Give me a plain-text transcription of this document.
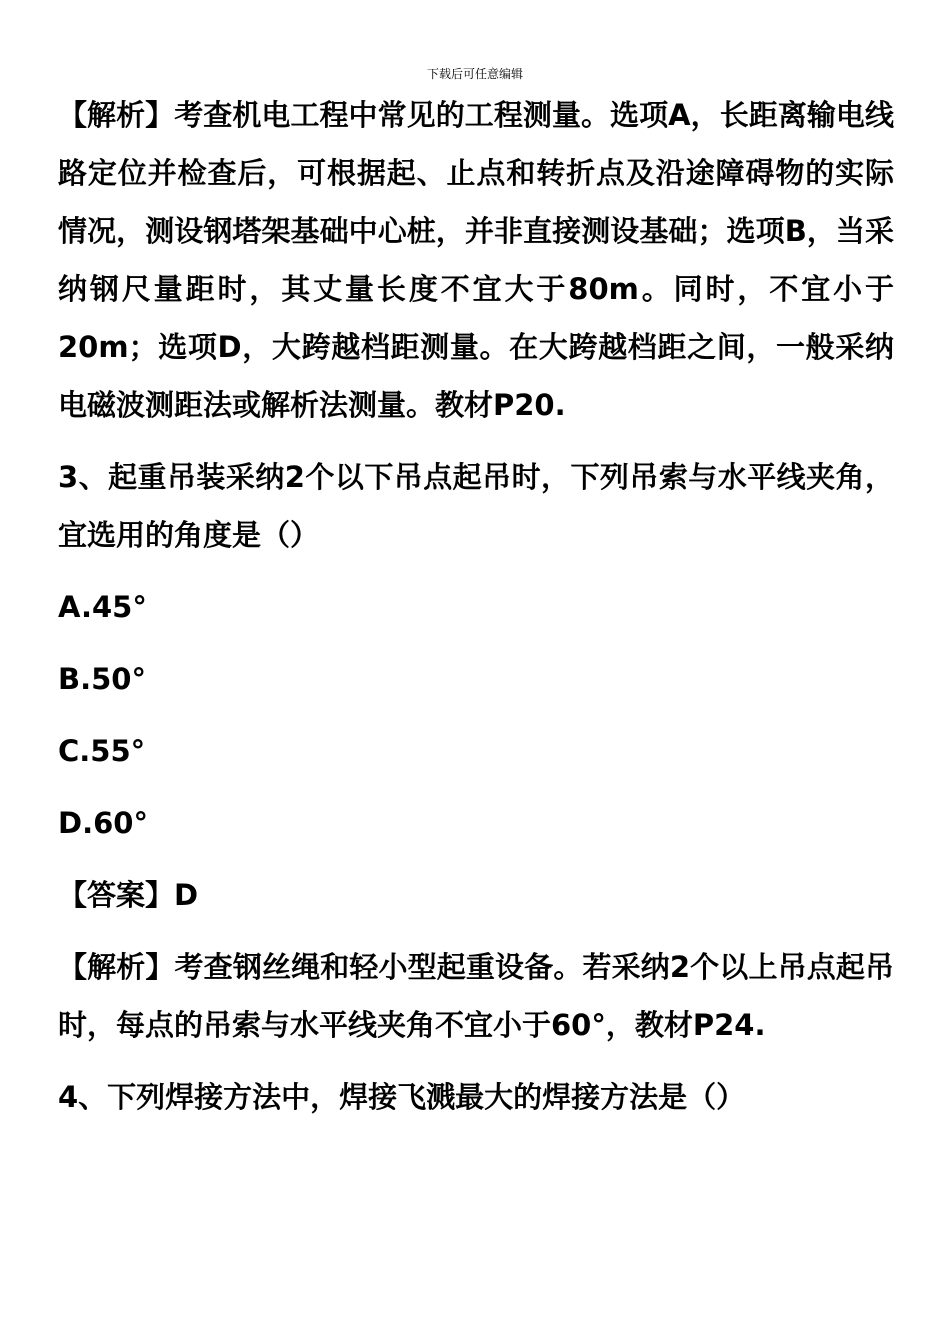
下载后可任意编辑

【解析】考查机电工程中常见的工程测量。选项A，长距离输电线路定位并检查后，可根据起、止点和转折点及沿途障碍物的实际情况，测设钢塔架基础中心桩，并非直接测设基础；选项B，当采纳钢尺量距时，其丈量长度不宜大于80m。同时，不宜小于20m；选项D，大跨越档距测量。在大跨越档距之间，一般采纳电磁波测距法或解析法测量。教材P20.

3、起重吊装采纳2个以下吊点起吊时，下列吊索与水平线夹角，宜选用的角度是（）

A.45°

B.50°

C.55°

D.60°

【答案】D

【解析】考查钢丝绳和轻小型起重设备。若采纳2个以上吊点起吊时，每点的吊索与水平线夹角不宜小于60°，教材P24.

4、下列焊接方法中，焊接飞溅最大的焊接方法是（）
